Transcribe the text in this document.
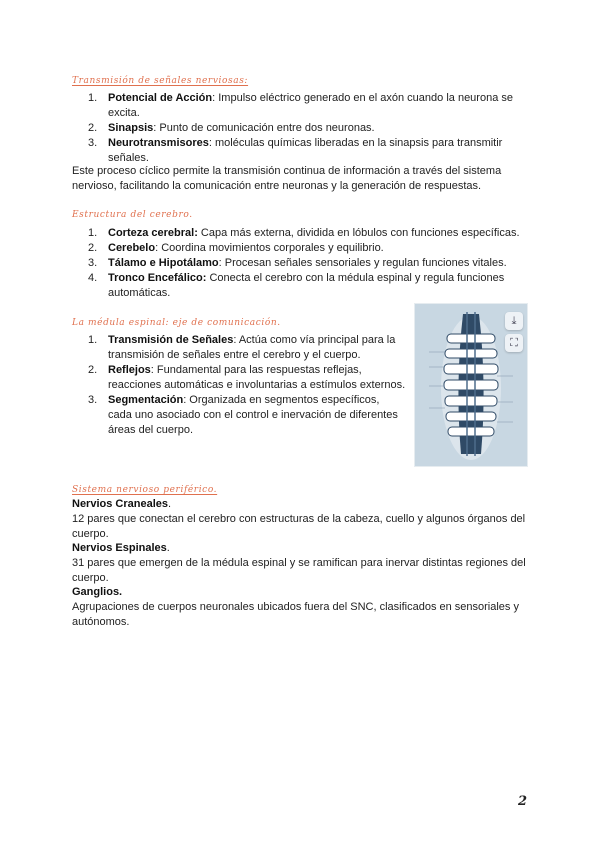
Transmisión de señales nerviosas:
1. Potencial de Acción: Impulso eléctrico generado en el axón cuando la neurona se excita.
2. Sinapsis: Punto de comunicación entre dos neuronas.
3. Neurotransmisores: moléculas químicas liberadas en la sinapsis para transmitir señales.

Este proceso cíclico permite la transmisión continua de información a través del sistema nervioso, facilitando la comunicación entre neuronas y la generación de respuestas.

Estructura del cerebro.
1. Corteza cerebral: Capa más externa, dividida en lóbulos con funciones específicas.
2. Cerebelo: Coordina movimientos corporales y equilibrio.
3. Tálamo e Hipotálamo: Procesan señales sensoriales y regulan funciones vitales.
4. Tronco Encefálico: Conecta el cerebro con la médula espinal y regula funciones automáticas.
La médula espinal: eje de comunicación.
1. Transmisión de Señales: Actúa como vía principal para la transmisión de señales entre el cerebro y el cuerpo.
2. Reflejos: Fundamental para las respuestas reflejas, reacciones automáticas e involuntarias a estímulos externos.
3. Segmentación: Organizada en segmentos específicos, cada uno asociado con el control e inervación de diferentes áreas del cuerpo.
⤓
⛶
Sistema nervioso periférico.

Nervios Craneales.

12 pares que conectan el cerebro con estructuras de la cabeza, cuello y algunos órganos del cuerpo.

Nervios Espinales.

31 pares que emergen de la médula espinal y se ramifican para inervar distintas regiones del cuerpo.

Ganglios.

Agrupaciones de cuerpos neuronales ubicados fuera del SNC, clasificados en sensoriales y autónomos.

2
